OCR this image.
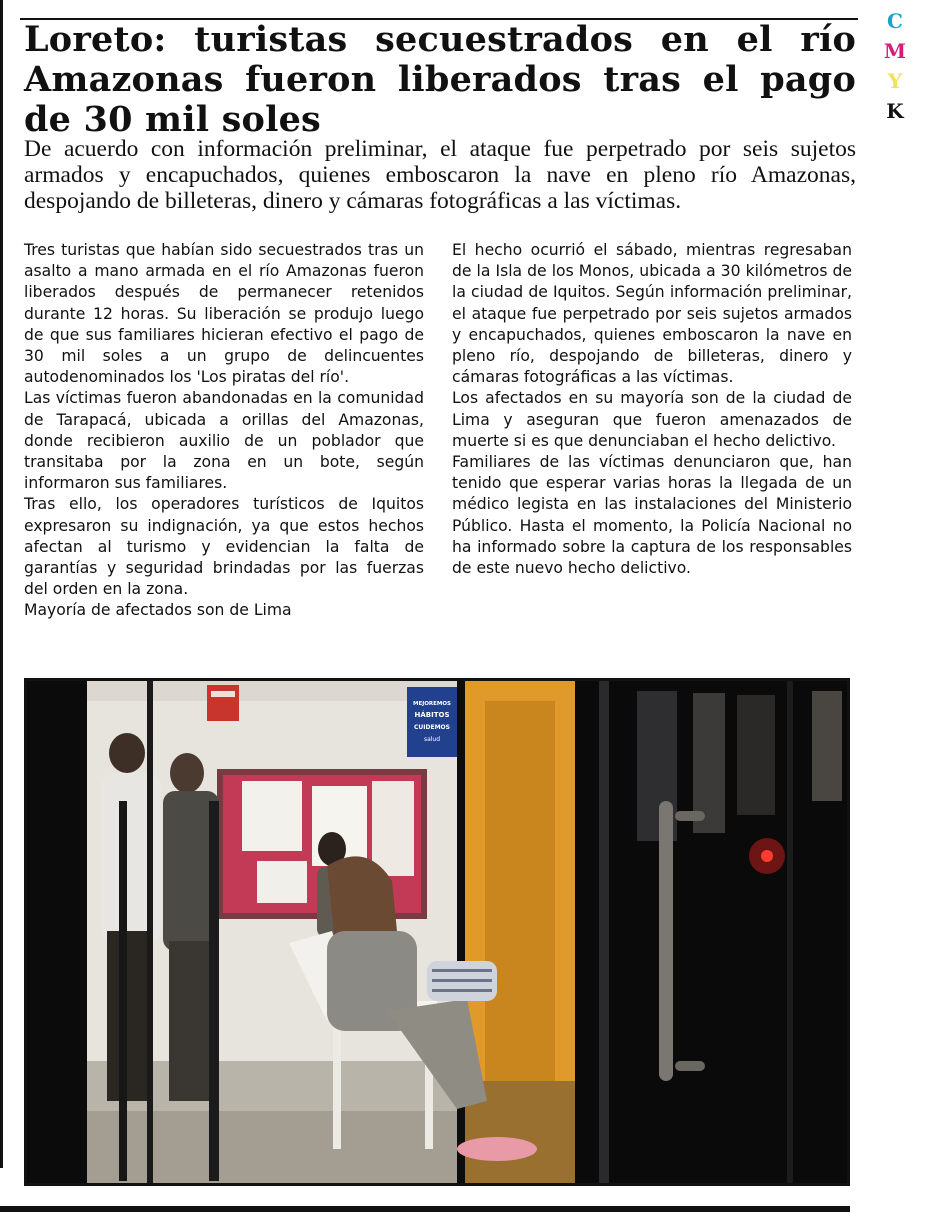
C
M
Y
K
Loreto: turistas secuestrados en el río Amazonas fueron liberados tras el pago de 30 mil soles

De acuerdo con información preliminar, el ataque fue perpetrado por seis sujetos armados y encapuchados, quienes emboscaron la nave en pleno río Amazonas, despojando de billeteras, dinero y cámaras fotográficas a las víctimas.

Tres turistas que habían sido secuestrados tras un asalto a mano armada en el río Amazonas fueron liberados después de permanecer retenidos durante 12 horas. Su liberación se produjo luego de que sus familiares hicieran efectivo el pago de 30 mil soles a un grupo de delincuentes autodenominados los 'Los piratas del río'.

Las víctimas fueron abandonadas en la comunidad de Tarapacá, ubicada a orillas del Amazonas, donde recibieron auxilio de un poblador que transitaba por la zona en un bote, según informaron sus familiares.

Tras ello, los operadores turísticos de Iquitos expresaron su indignación, ya que estos hechos afectan al turismo y evidencian la falta de garantías y seguridad brindadas por las fuerzas del orden en la zona.

Mayoría de afectados son de Lima

El hecho ocurrió el sábado, mientras regresaban de la Isla de los Monos, ubicada a 30 kilómetros de la ciudad de Iquitos. Según información preliminar, el ataque fue perpetrado por seis sujetos armados y encapuchados, quienes emboscaron la nave en pleno río, despojando de billeteras, dinero y cámaras fotográficas a las víctimas.

Los afectados en su mayoría son de la ciudad de Lima y aseguran que fueron amenazados de muerte si es que denunciaban el hecho delictivo.

Familiares de las víctimas denunciaron que, han tenido que esperar varias horas la llegada de un médico legista en las instalaciones del Ministerio Público. Hasta el momento, la Policía Nacional no ha informado sobre la captura de los responsables de este nuevo hecho delictivo.

MEJOREMOS
HÁBITOS
CUIDEMOS
salud
